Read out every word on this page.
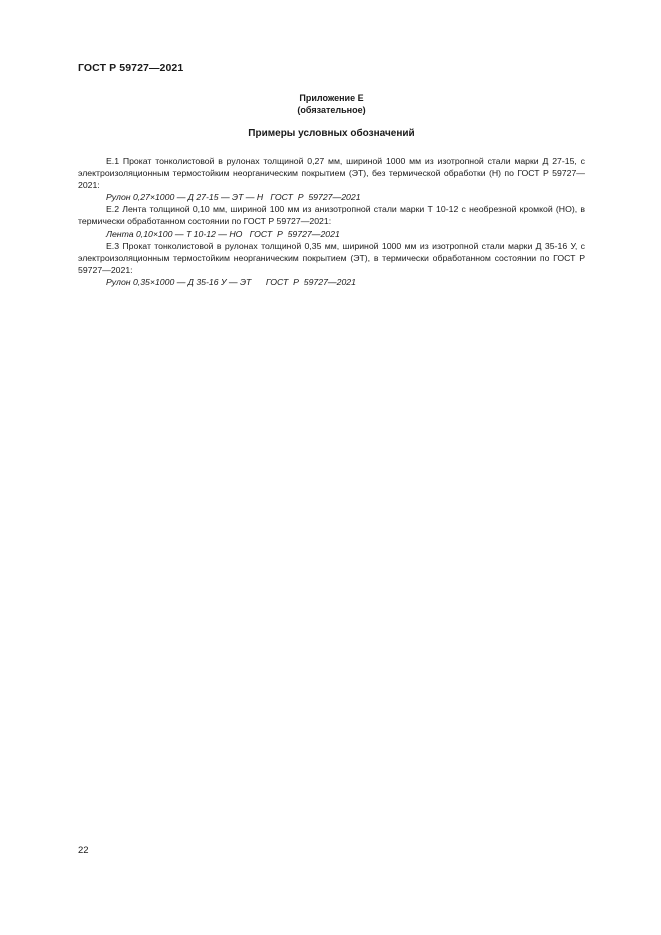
ГОСТ Р 59727—2021
Приложение Е
(обязательное)
Примеры условных обозначений

Е.1 Прокат тонколистовой в рулонах толщиной 0,27 мм, шириной 1000 мм из изотропной стали марки Д 27-15, с электроизоляционным термостойким неорганическим покрытием (ЭТ), без термической обработки (Н) по ГОСТ Р 59727—2021:

Рулон 0,27×1000 — Д 27-15 — ЭТ — Н   ГОСТ  Р  59727—2021

Е.2 Лента толщиной 0,10 мм, шириной 100 мм из анизотропной стали марки Т 10-12 с необрезной кромкой (НО), в термически обработанном состоянии по ГОСТ Р 59727—2021:

Лента 0,10×100 — Т 10-12 — НО   ГОСТ  Р  59727—2021

Е.3 Прокат тонколистовой в рулонах толщиной 0,35 мм, шириной 1000 мм из изотропной стали марки Д 35-16 У, с электроизоляционным термостойким неорганическим покрытием (ЭТ), в термически обработанном состоянии по ГОСТ Р 59727—2021:

Рулон 0,35×1000 — Д 35-16 У — ЭТ      ГОСТ  Р  59727—2021

22
